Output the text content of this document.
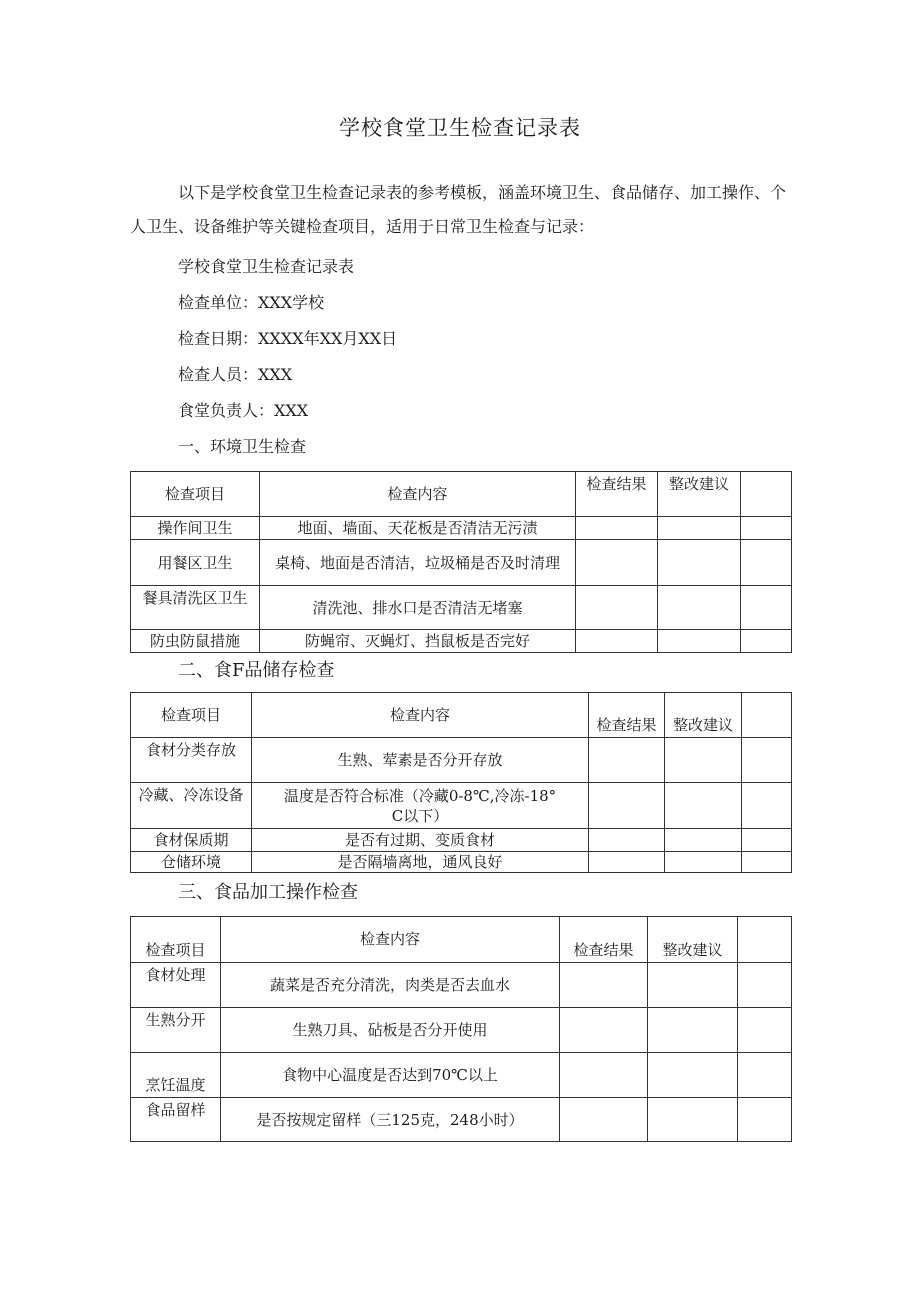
学校食堂卫生检查记录表
以下是学校食堂卫生检查记录表的参考模板，涵盖环境卫生、食品储存、加工操作、个人卫生、设备维护等关键检查项目，适用于日常卫生检查与记录：
学校食堂卫生检查记录表
检查单位：XXX学校
检查日期：XXXX年XX月XX日
检查人员：XXX
食堂负责人：XXX
一、环境卫生检查
检查项目	检查内容	检查结果	整改建议	
操作间卫生	地面、墙面、天花板是否清洁无污渍			
用餐区卫生	桌椅、地面是否清洁，垃圾桶是否及时清理			
餐具清洗区卫生	清洗池、排水口是否清洁无堵塞			
防虫防鼠措施	防蝇帘、灭蝇灯、挡鼠板是否完好			
二、食F品储存检查
检查项目	检查内容	检查结果	整改建议	
食材分类存放	生熟、荤素是否分开存放			
冷藏、冷冻设备	温度是否符合标准（冷藏0-8℃,冷冻-18° C以下）			
食材保质期	是否有过期、变质食材			
仓储环境	是否隔墙离地，通风良好			
三、食品加工操作检查
检查项目	检查内容	检查结果	整改建议	
食材处理	蔬菜是否充分清洗，肉类是否去血水			
生熟分开	生熟刀具、砧板是否分开使用			
烹饪温度	食物中心温度是否达到70℃以上			
食品留样	是否按规定留样（三125克，248小时）			
